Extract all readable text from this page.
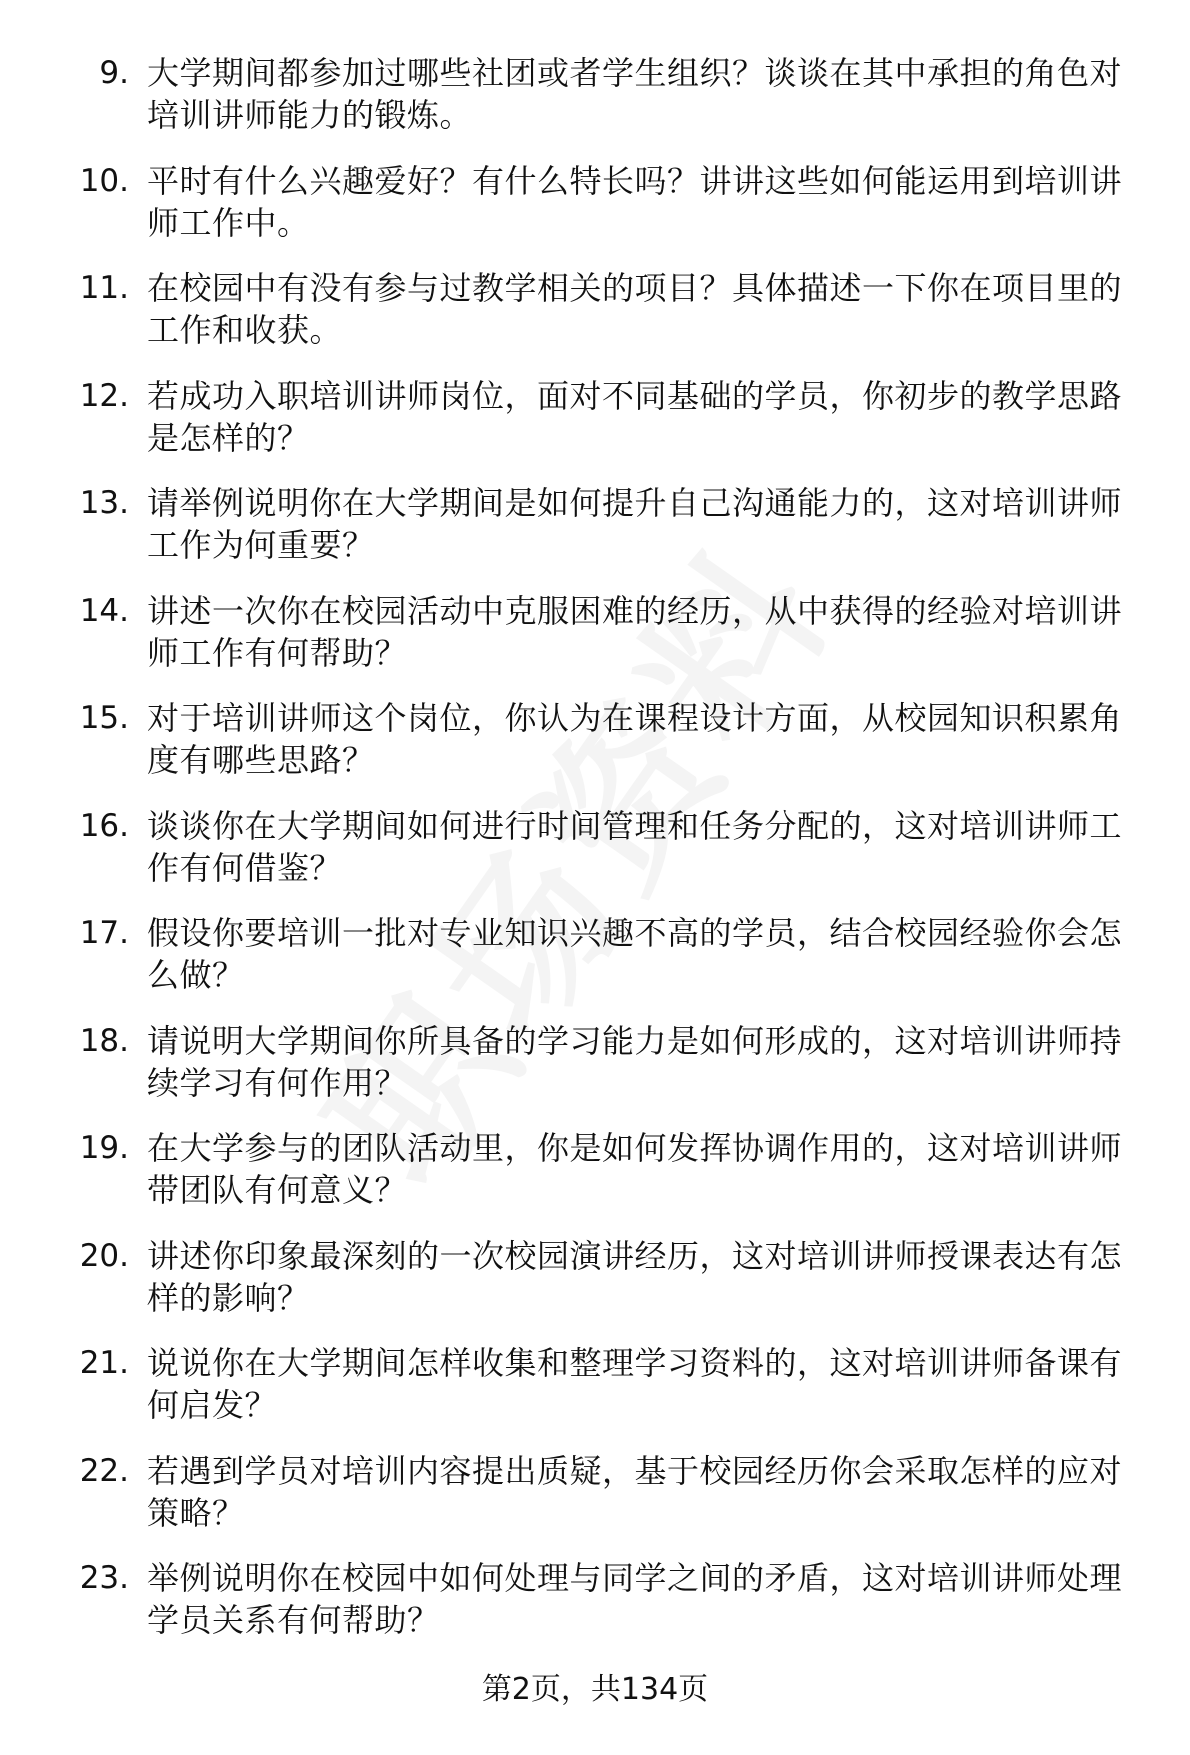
9. 大学期间都参加过哪些社团或者学生组织？谈谈在其中承担的角色对培训讲师能力的锻炼。
10. 平时有什么兴趣爱好？有什么特长吗？讲讲这些如何能运用到培训讲师工作中。
11. 在校园中有没有参与过教学相关的项目？具体描述一下你在项目里的工作和收获。
12. 若成功入职培训讲师岗位，面对不同基础的学员，你初步的教学思路是怎样的？
13. 请举例说明你在大学期间是如何提升自己沟通能力的，这对培训讲师工作为何重要？
14. 讲述一次你在校园活动中克服困难的经历，从中获得的经验对培训讲师工作有何帮助？
15. 对于培训讲师这个岗位，你认为在课程设计方面，从校园知识积累角度有哪些思路？
16. 谈谈你在大学期间如何进行时间管理和任务分配的，这对培训讲师工作有何借鉴？
17. 假设你要培训一批对专业知识兴趣不高的学员，结合校园经验你会怎么做？
18. 请说明大学期间你所具备的学习能力是如何形成的，这对培训讲师持续学习有何作用？
19. 在大学参与的团队活动里，你是如何发挥协调作用的，这对培训讲师带团队有何意义？
20. 讲述你印象最深刻的一次校园演讲经历，这对培训讲师授课表达有怎样的影响？
21. 说说你在大学期间怎样收集和整理学习资料的，这对培训讲师备课有何启发？
22. 若遇到学员对培训内容提出质疑，基于校园经历你会采取怎样的应对策略？
23. 举例说明你在校园中如何处理与同学之间的矛盾，这对培训讲师处理学员关系有何帮助？
第2页，共134页
